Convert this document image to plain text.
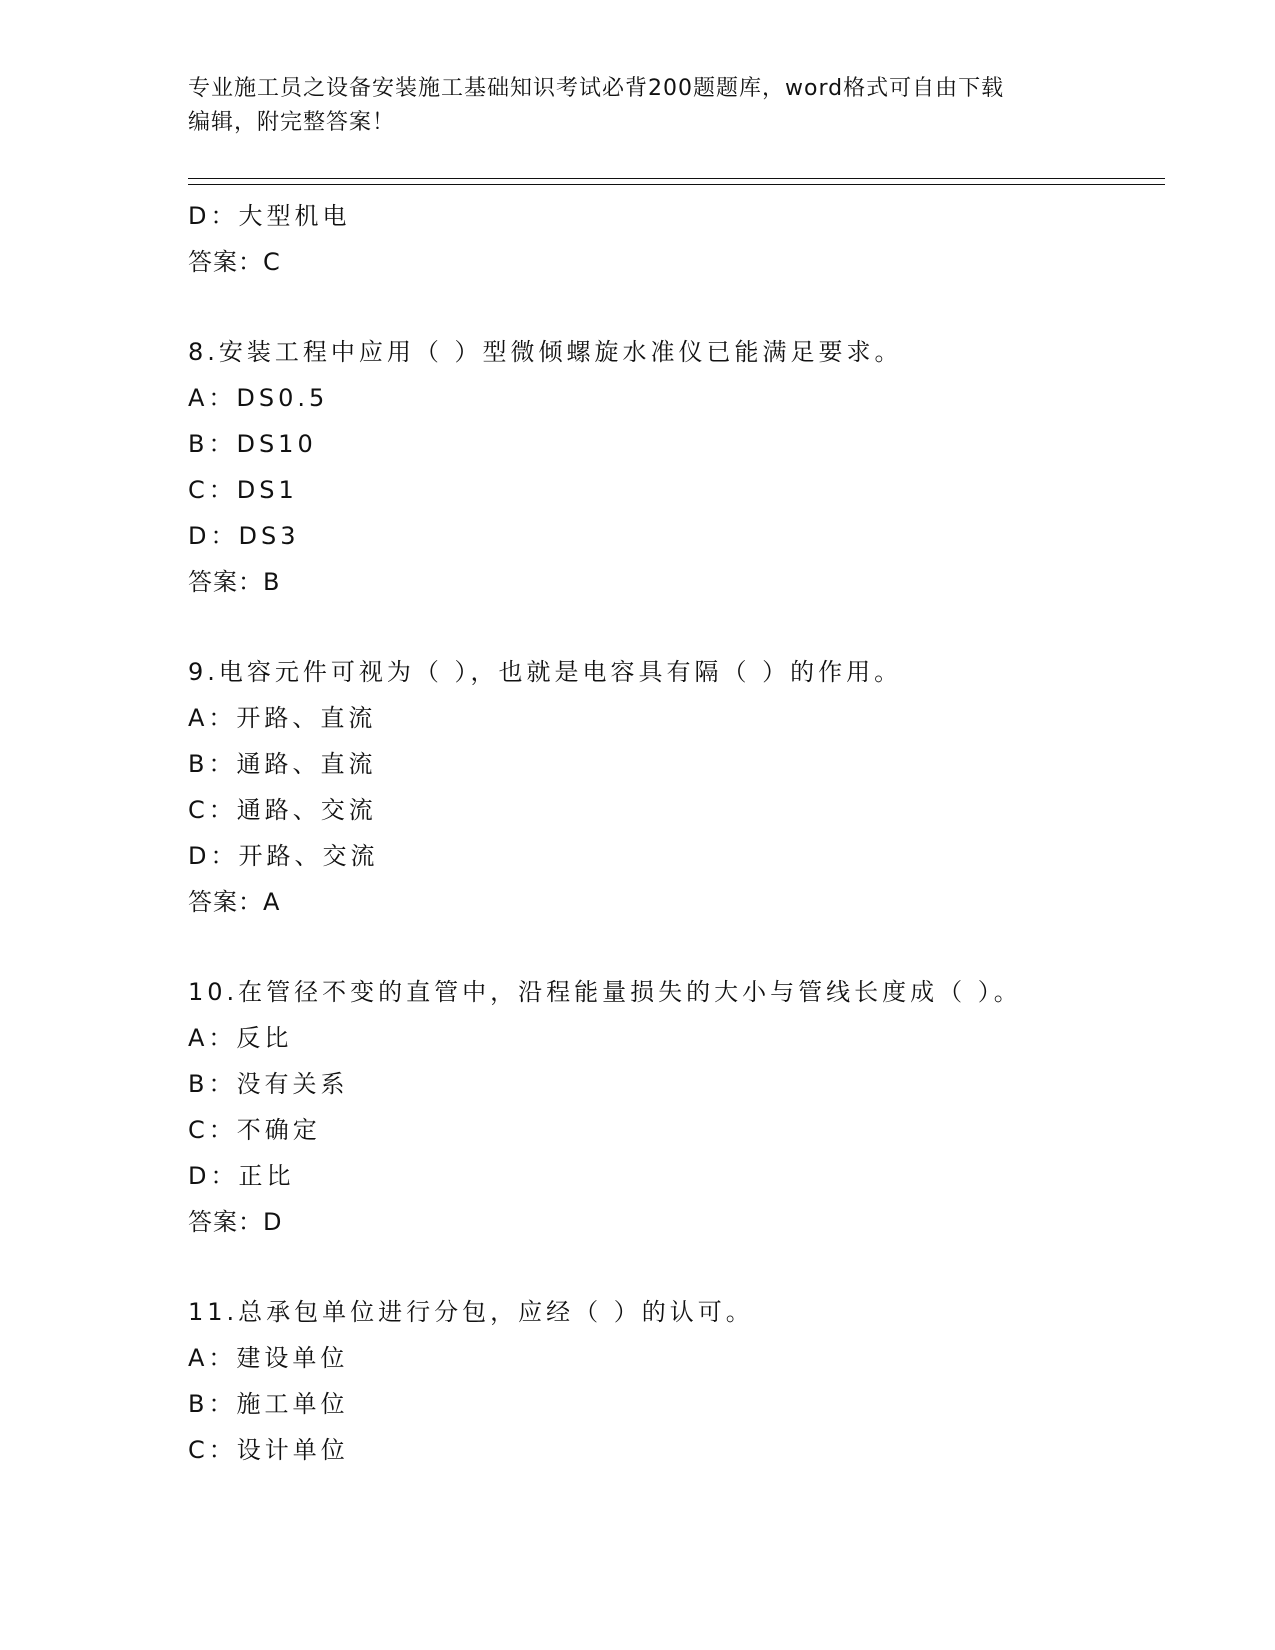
专业施工员之设备安装施工基础知识考试必背200题题库，word格式可自由下载
编辑，附完整答案！
D：大型机电
答案：C
8.安装工程中应用（ ）型微倾螺旋水准仪已能满足要求。
A：DS0.5
B：DS10
C：DS1
D：DS3
答案：B
9.电容元件可视为（ ），也就是电容具有隔（ ）的作用。
A：开路、直流
B：通路、直流
C：通路、交流
D：开路、交流
答案：A
10.在管径不变的直管中，沿程能量损失的大小与管线长度成（ ）。
A：反比
B：没有关系
C：不确定
D：正比
答案：D
11.总承包单位进行分包，应经（ ）的认可。
A：建设单位
B：施工单位
C：设计单位
